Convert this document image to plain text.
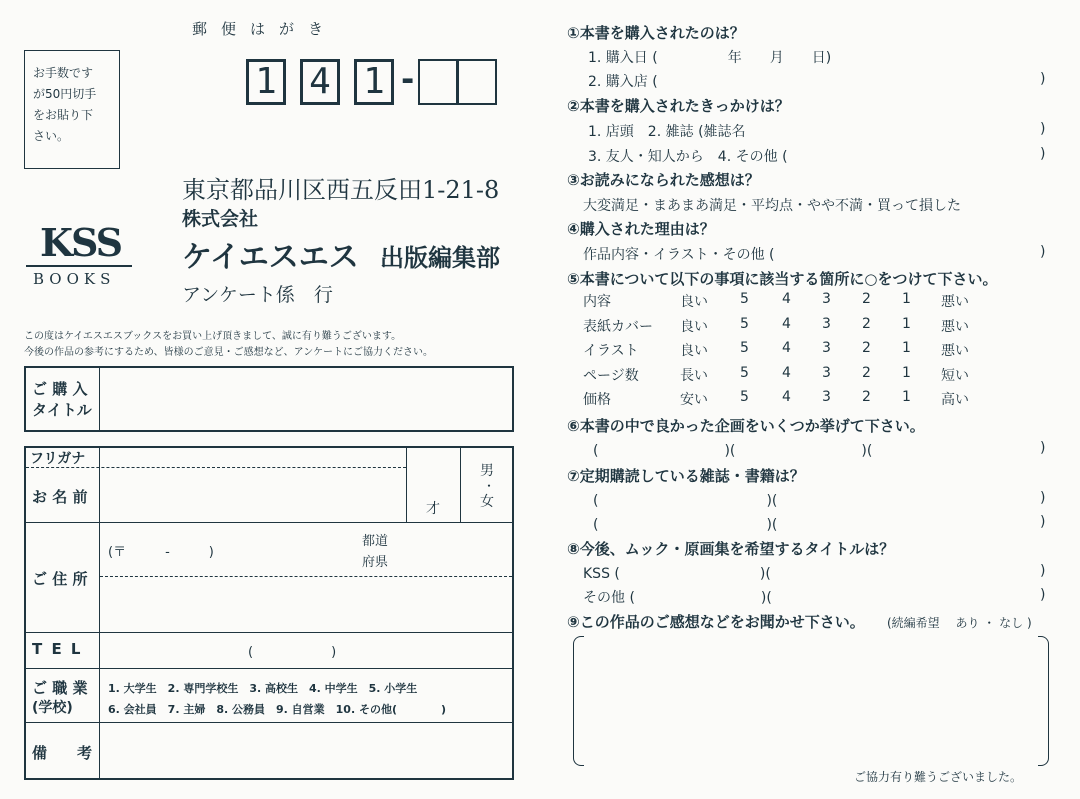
郵便はがき
お手数です
が50円切手
をお貼り下
さい。
1 4 1 -
東京都品川区西五反田1-21-8
株式会社
ケイエスエス 出版編集部
アンケート係　行
KSS
BOOKS
この度はケイエスエスブックスをお買い上げ頂きまして、誠に有り難うございます。
今後の作品の参考にするため、皆様のご意見・ご感想など、アンケートにご協力ください。
ご 購 入
タイトル
フリガナ
お 名 前
才
男
・
女
ご 住 所
(〒　　　-　　　)
都道
府県
T E L	(　　　　　　)
ご 職 業
(学校)
1. 大学生　2. 専門学校生　3. 高校生　4. 中学生　5. 小学生
6. 会社員　7. 主婦　8. 公務員　9. 自営業　10. その他(　　　　)
備　　考
①本書を購入されたのは？
1. 購入日 (　　　　　年　　月　　日)
2. 購入店 (	)
②本書を購入されたきっかけは？
1. 店頭　2. 雑誌 (雑誌名	)
3. 友人・知人から　4. その他 (	)
③お読みになられた感想は？
大変満足・まあまあ満足・平均点・やや不満・買って損した
④購入された理由は？
作品内容・イラスト・その他 (	)
⑤本書について以下の事項に該当する箇所に○をつけて下さい。
内容	良い 5 4 3 2 1 悪い
表紙カバー 良い 5 4 3 2 1 悪い
イラスト	良い 5 4 3 2 1 悪い
ページ数	長い 5 4 3 2 1 短い
価格	安い 5 4 3 2 1 高い
⑥本書の中で良かった企画をいくつか挙げて下さい。
(　　　　　　　　　)(　　　　　　　　　)(	)
⑦定期購読している雑誌・書籍は？
(　　　　　　　　　　　　)(	)
(　　　　　　　　　　　　)(	)
⑧今後、ムック・原画集を希望するタイトルは？
KSS (　　　　　　　　　　)(	)
その他 (　　　　　　　　　)(	)
⑨この作品のご感想などをお聞かせ下さい。 (続編希望　 あり ・ なし )
ご協力有り難うございました。
